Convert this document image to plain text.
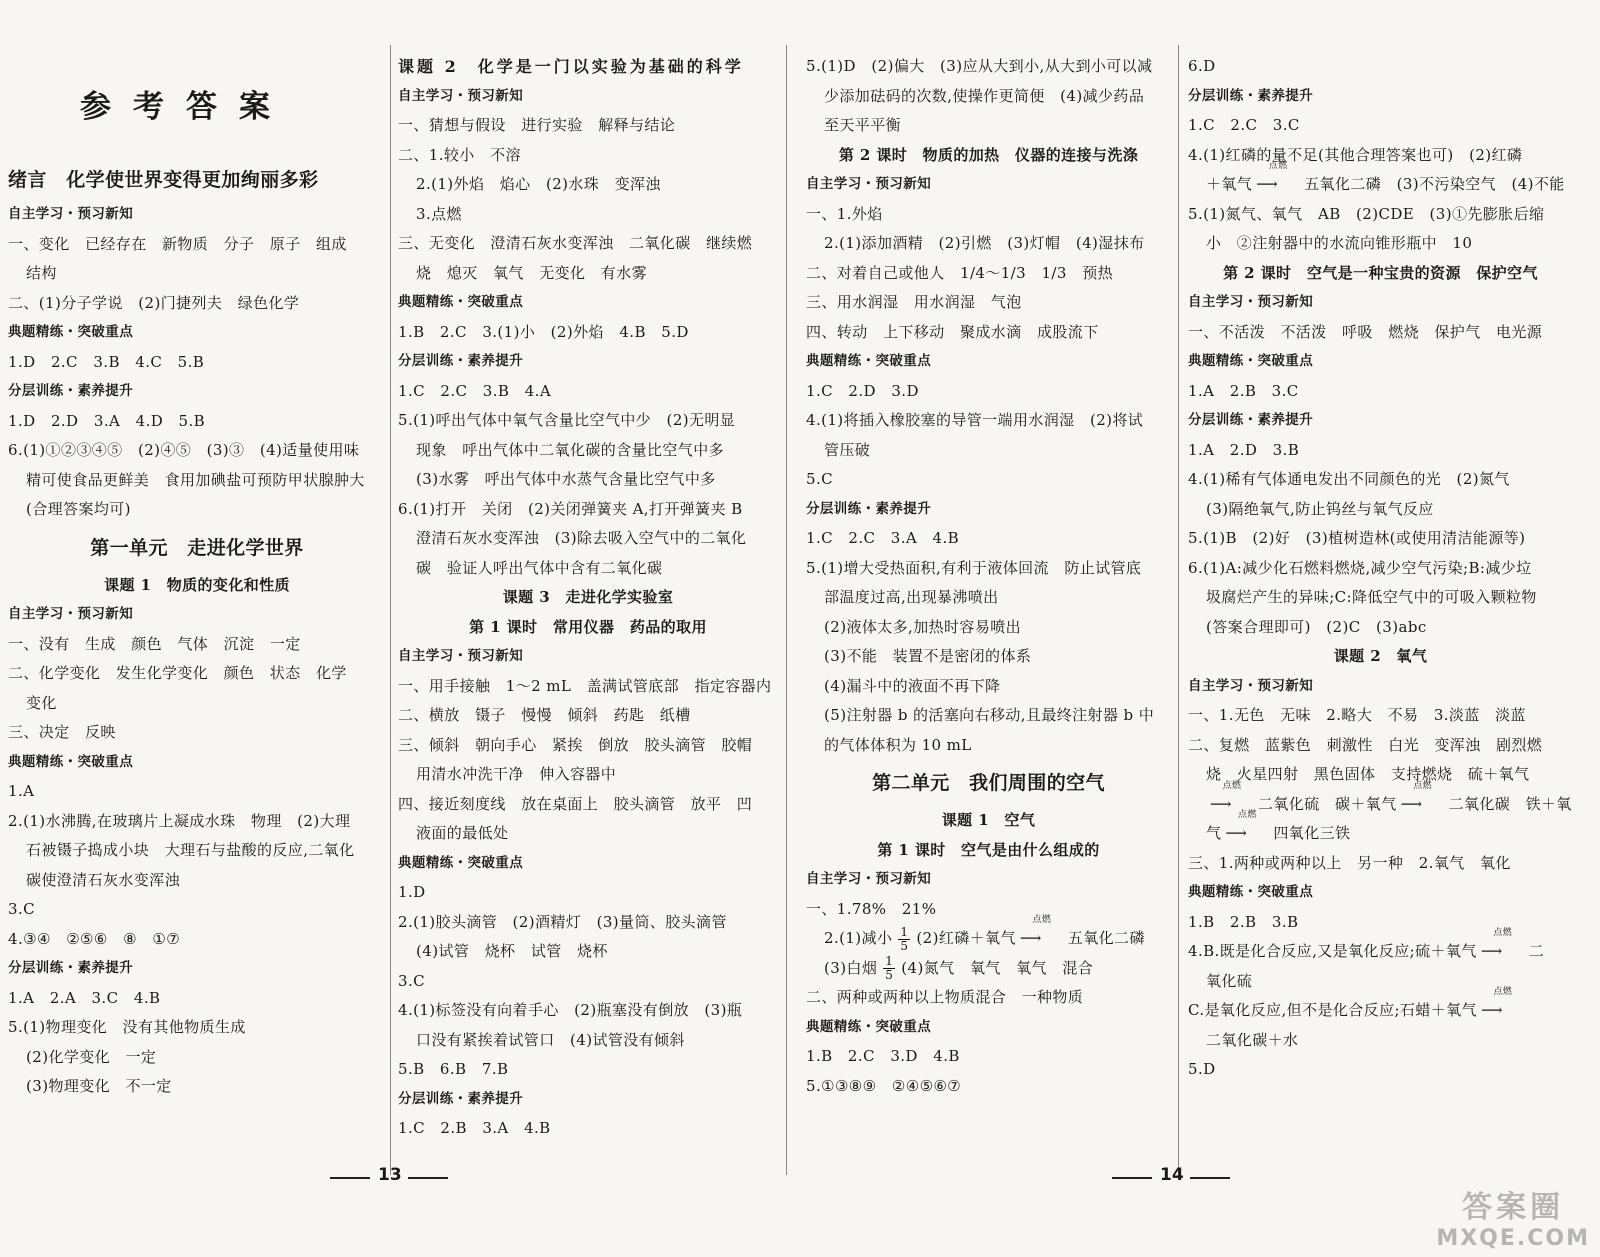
参考答案
绪言　化学使世界变得更加绚丽多彩
自主学习・预习新知
一、变化　已经存在　新物质　分子　原子　组成
结构
二、(1)分子学说　(2)门捷列夫　绿色化学
典题精练・突破重点
1.D　2.C　3.B　4.C　5.B
分层训练・素养提升
1.D　2.D　3.A　4.D　5.B
6.(1)①②③④⑤　(2)④⑤　(3)③　(4)适量使用味
精可使食品更鲜美　食用加碘盐可预防甲状腺肿大
(合理答案均可)
第一单元　走进化学世界
课题 1　物质的变化和性质
自主学习・预习新知
一、没有　生成　颜色　气体　沉淀　一定
二、化学变化　发生化学变化　颜色　状态　化学
变化
三、决定　反映
典题精练・突破重点
1.A
2.(1)水沸腾,在玻璃片上凝成水珠　物理　(2)大理
石被镊子捣成小块　大理石与盐酸的反应,二氧化
碳使澄清石灰水变浑浊
3.C
4.③④　②⑤⑥　⑧　①⑦
分层训练・素养提升
1.A　2.A　3.C　4.B
5.(1)物理变化　没有其他物质生成
(2)化学变化　一定
(3)物理变化　不一定
课题 2　化学是一门以实验为基础的科学
自主学习・预习新知
一、猜想与假设　进行实验　解释与结论
二、1.较小　不溶
2.(1)外焰　焰心　(2)水珠　变浑浊
3.点燃
三、无变化　澄清石灰水变浑浊　二氧化碳　继续燃
烧　熄灭　氧气　无变化　有水雾
典题精练・突破重点
1.B　2.C　3.(1)小　(2)外焰　4.B　5.D
分层训练・素养提升
1.C　2.C　3.B　4.A
5.(1)呼出气体中氧气含量比空气中少　(2)无明显
现象　呼出气体中二氧化碳的含量比空气中多
(3)水雾　呼出气体中水蒸气含量比空气中多
6.(1)打开　关闭　(2)关闭弹簧夹 A,打开弹簧夹 B
澄清石灰水变浑浊　(3)除去吸入空气中的二氧化
碳　验证人呼出气体中含有二氧化碳
课题 3　走进化学实验室
第 1 课时　常用仪器　药品的取用
自主学习・预习新知
一、用手接触　1～2 mL　盖满试管底部　指定容器内
二、横放　镊子　慢慢　倾斜　药匙　纸槽
三、倾斜　朝向手心　紧挨　倒放　胶头滴管　胶帽
用清水冲洗干净　伸入容器中
四、接近刻度线　放在桌面上　胶头滴管　放平　凹
液面的最低处
典题精练・突破重点
1.D
2.(1)胶头滴管　(2)酒精灯　(3)量筒、胶头滴管
(4)试管　烧杯　试管　烧杯
3.C
4.(1)标签没有向着手心　(2)瓶塞没有倒放　(3)瓶
口没有紧挨着试管口　(4)试管没有倾斜
5.B　6.B　7.B
分层训练・素养提升
1.C　2.B　3.A　4.B
5.(1)D　(2)偏大　(3)应从大到小,从大到小可以减
少添加砝码的次数,使操作更简便　(4)减少药品
至天平平衡
第 2 课时　物质的加热　仪器的连接与洗涤
自主学习・预习新知
一、1.外焰
2.(1)添加酒精　(2)引燃　(3)灯帽　(4)湿抹布
二、对着自己或他人　1/4～1/3　1/3　预热
三、用水润湿　用水润湿　气泡
四、转动　上下移动　聚成水滴　成股流下
典题精练・突破重点
1.C　2.D　3.D
4.(1)将插入橡胶塞的导管一端用水润湿　(2)将试
管压破
5.C
分层训练・素养提升
1.C　2.C　3.A　4.B
5.(1)增大受热面积,有利于液体回流　防止试管底
部温度过高,出现暴沸喷出
(2)液体太多,加热时容易喷出
(3)不能　装置不是密闭的体系
(4)漏斗中的液面不再下降
(5)注射器 b 的活塞向右移动,且最终注射器 b 中
的气体体积为 10 mL
第二单元　我们周围的空气
课题 1　空气
第 1 课时　空气是由什么组成的
自主学习・预习新知
一、1.78%　21%
2.(1)减小 $\frac{1}{5} (2)$红磷＋氧气
点燃
⟶ 五氧化二磷
(3)白烟 $\frac{1}{5} (4)$氮气　氧气　氧气　混合
二、两种或两种以上物质混合　一种物质
典题精练・突破重点
1.B　2.C　3.D　4.B
5.①③⑧⑨　②④⑤⑥⑦
6.D
分层训练・素养提升
1.C　2.C　3.C
4.(1)红磷的量不足(其他合理答案也可)　(2)红磷
＋氧气
点燃
⟶ 五氧化二磷　(3)不污染空气　(4)不能
5.(1)氮气、氧气　AB　(2)CDE　(3)①先膨胀后缩
小　②注射器中的水流向锥形瓶中　10
第 2 课时　空气是一种宝贵的资源　保护空气
自主学习・预习新知
一、不活泼　不活泼　呼吸　燃烧　保护气　电光源
典题精练・突破重点
1.A　2.B　3.C
分层训练・素养提升
1.A　2.D　3.B
4.(1)稀有气体通电发出不同颜色的光　(2)氮气
(3)隔绝氧气,防止钨丝与氧气反应
5.(1)B　(2)好　(3)植树造林(或使用清洁能源等)
6.(1)A:减少化石燃料燃烧,减少空气污染;B:减少垃
圾腐烂产生的异味;C:降低空气中的可吸入颗粒物
(答案合理即可)　(2)C　(3)abc
课题 2　氧气
自主学习・预习新知
一、1.无色　无味　2.略大　不易　3.淡蓝　淡蓝
二、复燃　蓝紫色　刺激性　白光　变浑浊　剧烈燃
烧　火星四射　黑色固体　支持燃烧　硫＋氧气
点燃
⟶ 二氧化硫　碳＋氧气
点燃
⟶ 二氧化碳　铁＋氧
气
点燃
⟶ 四氧化三铁
三、1.两种或两种以上　另一种　2.氧气　氧化
典题精练・突破重点
1.B　2.B　3.B
4.B.既是化合反应,又是氧化反应;硫＋氧气
点燃
⟶ 二
氧化硫
C.是氧化反应,但不是化合反应;石蜡＋氧气
点燃
⟶
二氧化碳＋水
5.D
13	14
答案圈
MXQE.COM
